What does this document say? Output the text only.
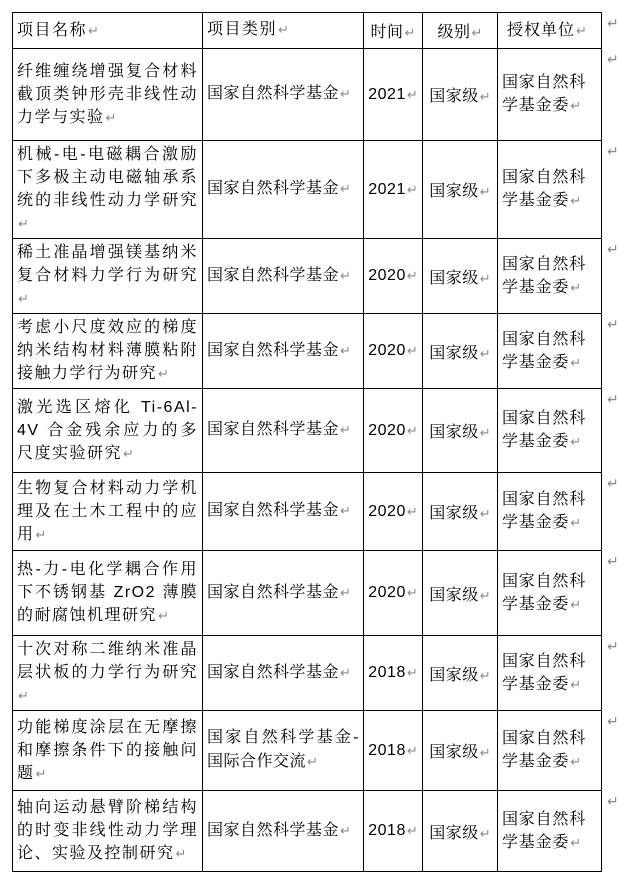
项目名称↵	项目类别↵	时间↵	级别↵	授权单位↵
纤维缠绕增强复合材料截顶类钟形壳非线性动力学与实验↵	国家自然科学基金↵	2021↵	国家级↵	国家自然科学基金委↵
机械-电-电磁耦合激励下多极主动电磁轴承系统的非线性动力学研究↵	国家自然科学基金↵	2021↵	国家级↵	国家自然科学基金委↵
稀土准晶增强镁基纳米复合材料力学行为研究↵	国家自然科学基金↵	2020↵	国家级↵	国家自然科学基金委↵
考虑小尺度效应的梯度纳米结构材料薄膜粘附接触力学行为研究↵	国家自然科学基金↵	2020↵	国家级↵	国家自然科学基金委↵
激光选区熔化 Ti-6Al-4V 合金残余应力的多尺度实验研究↵	国家自然科学基金↵	2020↵	国家级↵	国家自然科学基金委↵
生物复合材料动力学机理及在土木工程中的应用↵	国家自然科学基金↵	2020↵	国家级↵	国家自然科学基金委↵
热-力-电化学耦合作用下不锈钢基 ZrO2 薄膜的耐腐蚀机理研究↵	国家自然科学基金↵	2020↵	国家级↵	国家自然科学基金委↵
十次对称二维纳米准晶层状板的力学行为研究↵	国家自然科学基金↵	2018↵	国家级↵	国家自然科学基金委↵
功能梯度涂层在无摩擦和摩擦条件下的接触问题↵	国家自然科学基金-国际合作交流↵	2018↵	国家级↵	国家自然科学基金委↵
轴向运动悬臂阶梯结构的时变非线性动力学理论、实验及控制研究↵	国家自然科学基金↵	2018↵	国家级↵	国家自然科学基金委↵
↵
↵
↵
↵
↵
↵
↵
↵
↵
↵
↵
